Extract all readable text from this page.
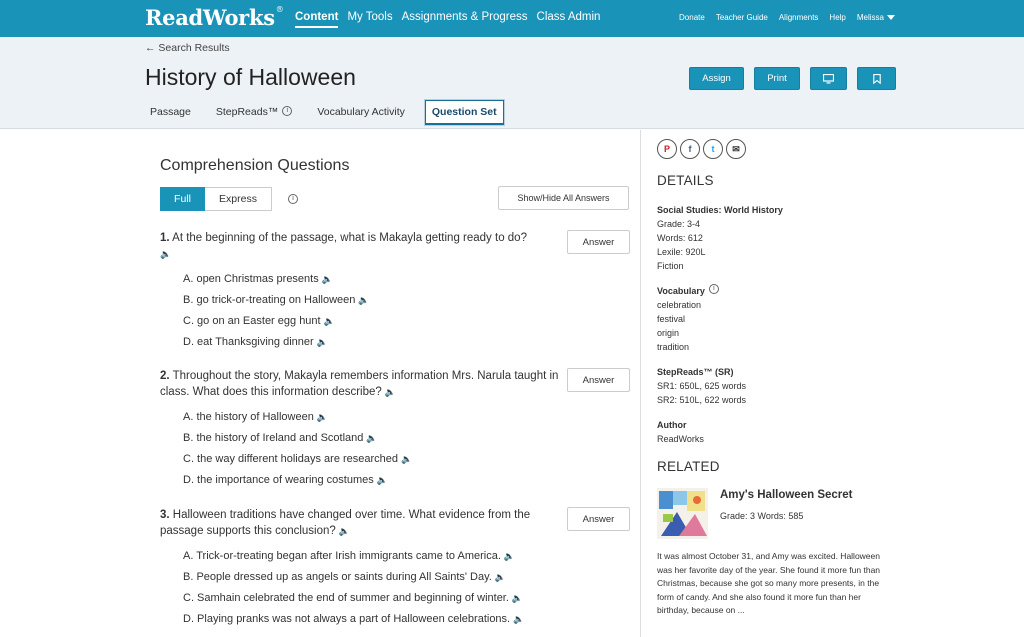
ReadWorks®
Content My Tools Assignments & Progress Class Admin	Donate Teacher Guide Alignments Help Melissa
← Search Results
History of Halloween	Assign	Print
Passage	StepReads™ i	Vocabulary Activity	Question Set
Comprehension Questions
Full	Express	i	Show/Hide All Answers
1. At the beginning of the passage, what is Makayla getting ready to do?
🔈
Answer
A. open Christmas presents 🔈
B. go trick-or-treating on Halloween 🔈
C. go on an Easter egg hunt 🔈
D. eat Thanksgiving dinner 🔈
2. Throughout the story, Makayla remembers information Mrs. Narula taught in class. What does this information describe? 🔈
Answer
A. the history of Halloween 🔈
B. the history of Ireland and Scotland 🔈
C. the way different holidays are researched 🔈
D. the importance of wearing costumes 🔈
3. Halloween traditions have changed over time. What evidence from the passage supports this conclusion? 🔈
Answer
A. Trick-or-treating began after Irish immigrants came to America. 🔈
B. People dressed up as angels or saints during All Saints' Day. 🔈
C. Samhain celebrated the end of summer and beginning of winter. 🔈
D. Playing pranks was not always a part of Halloween celebrations. 🔈
P	f	t	✉
DETAILS
Social Studies: World History
Grade: 3-4
Words: 612
Lexile: 920L
Fiction
Vocabulary i
celebration
festival
origin
tradition
StepReads™ (SR)
SR1: 650L, 625 words
SR2: 510L, 622 words
Author
ReadWorks
RELATED
Amy's Halloween Secret
Grade: 3 Words: 585

It was almost October 31, and Amy was excited. Halloween was her favorite day of the year. She found it more fun than Christmas, because she got so many more presents, in the form of candy. And she also found it more fun than her birthday, because on ...
